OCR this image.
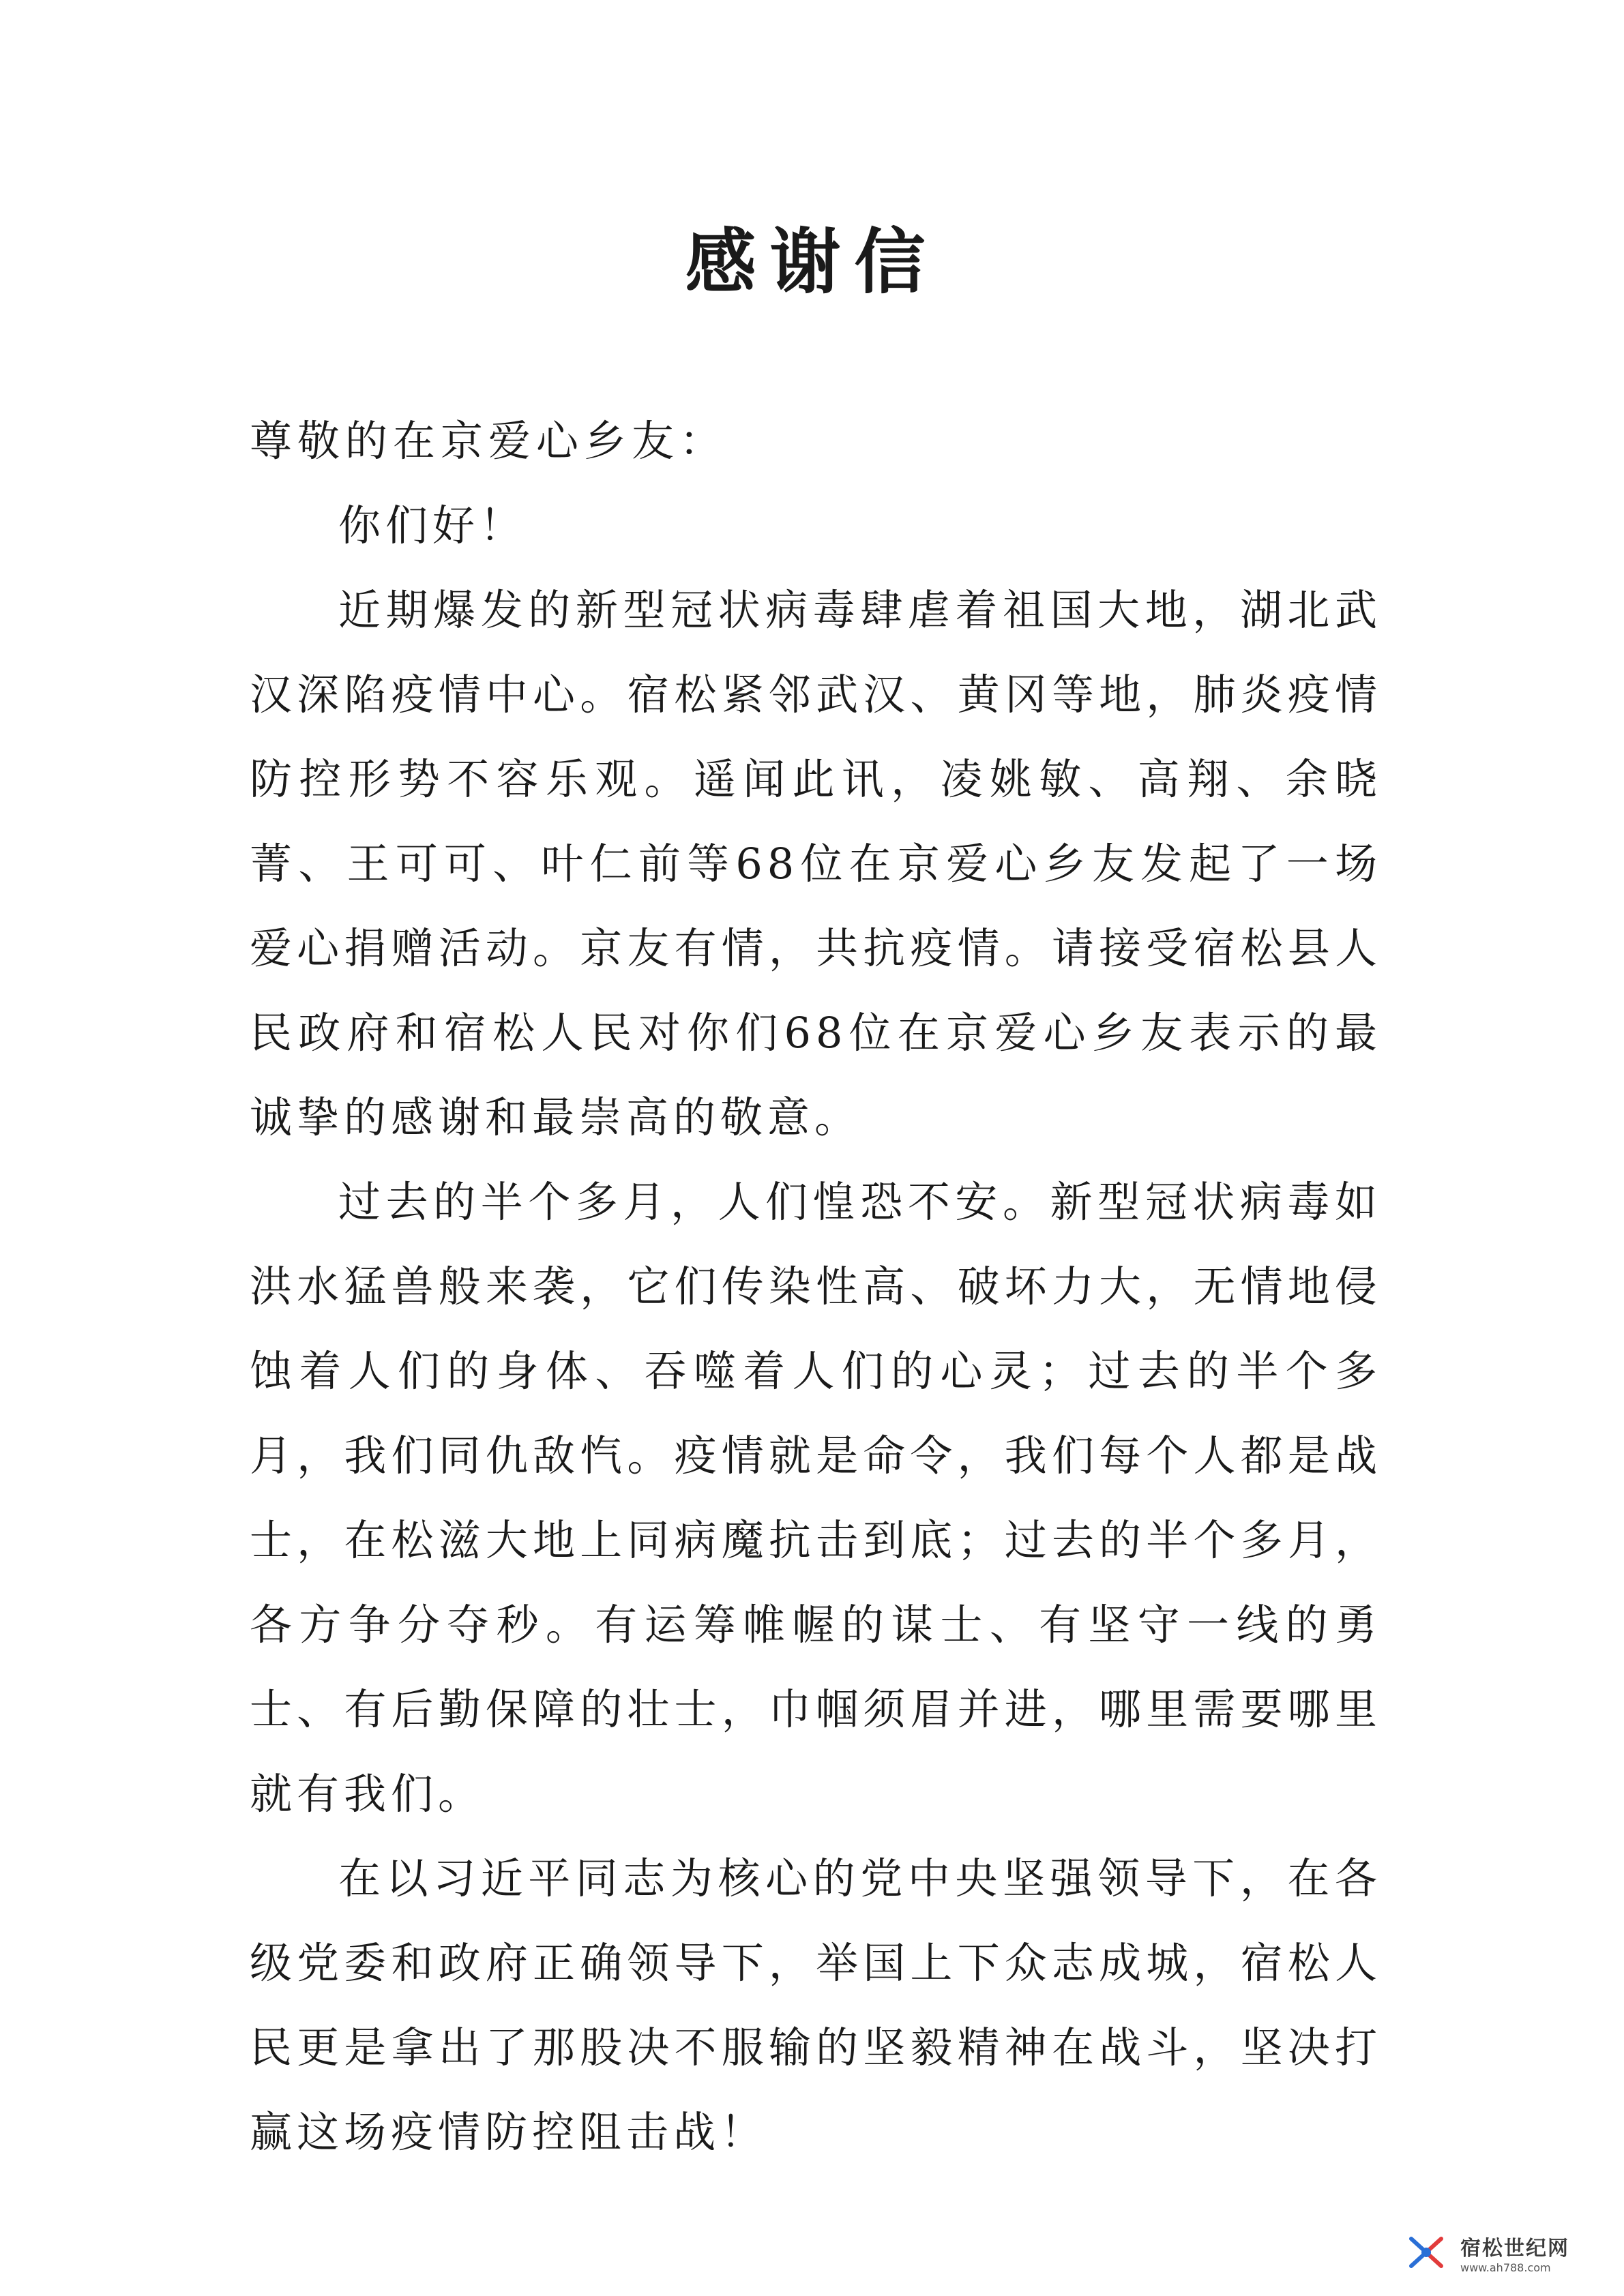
感谢信

尊敬的在京爱心乡友：

你们好！

近期爆发的新型冠状病毒肆虐着祖国大地，湖北武汉深陷疫情中心。宿松紧邻武汉、黄冈等地，肺炎疫情防控形势不容乐观。遥闻此讯，凌姚敏、高翔、余晓菁、王可可、叶仁前等68位在京爱心乡友发起了一场爱心捐赠活动。京友有情，共抗疫情。请接受宿松县人民政府和宿松人民对你们68位在京爱心乡友表示的最诚挚的感谢和最崇高的敬意。

过去的半个多月，人们惶恐不安。新型冠状病毒如洪水猛兽般来袭，它们传染性高、破坏力大，无情地侵蚀着人们的身体、吞噬着人们的心灵；过去的半个多月，我们同仇敌忾。疫情就是命令，我们每个人都是战士，在松滋大地上同病魔抗击到底；过去的半个多月，各方争分夺秒。有运筹帷幄的谋士、有坚守一线的勇士、有后勤保障的壮士，巾帼须眉并进，哪里需要哪里就有我们。

在以习近平同志为核心的党中央坚强领导下，在各级党委和政府正确领导下，举国上下众志成城，宿松人民更是拿出了那股决不服输的坚毅精神在战斗，坚决打赢这场疫情防控阻击战！

宿松世纪网
www.ah788.com
